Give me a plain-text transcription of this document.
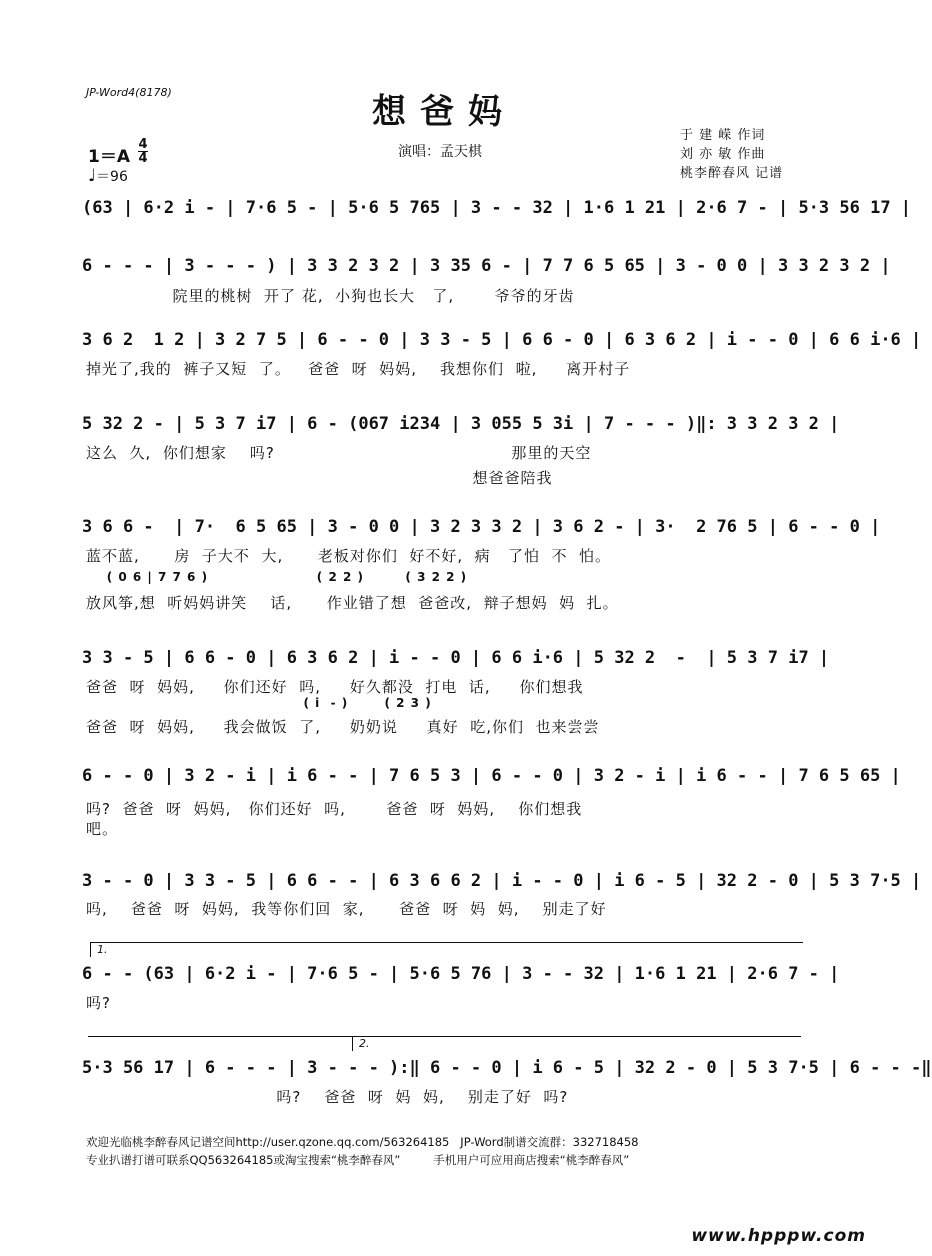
JP-Word4(8178)	想爸妈
1＝A
4
4
♩＝96
演唱：孟天棋
于 建 嵘 作词
刘 亦 敏 作曲
桃李醉春风 记谱
(63 | 6·2 i - | 7·6 5 - | 5·6 5 765 | 3 - - 32 | 1·6 1 21 | 2·6 7 - | 5·3 56 17 |
6 - - - | 3 - - - ) | 3 3 2 3 2 | 3 35 6 - | 7 7 6 5 65 | 3 - 0 0 | 3 3 2 3 2 |
院里的桃树  开了 花,  小狗也长大   了,       爷爷的牙齿
3 6 2  1 2 | 3 2 7 5 | 6 - - 0 | 3 3 - 5 | 6 6 - 0 | 6 3 6 2 | i - - 0 | 6 6 i·6 |
掉光了,我的  裤子又短  了。   爸爸  呀  妈妈,    我想你们  啦,     离开村子
5 32 2 - | 5 3 7 i7 | 6 - (067 i234 | 3 055 5 3i | 7 - - - )‖: 3 3 2 3 2 |
这么  久,  你们想家    吗?                                         那里的天空
想爸爸陪我
3 6 6 -  | 7·  6 5 65 | 3 - 0 0 | 3 2 3 3 2 | 3 6 2 - | 3·  2 76 5 | 6 - - 0 |
蓝不蓝,      房  子大不  大,      老板对你们  好不好,  病   了怕  不  怕。
( 0 6 | 7 7 6 )                     ( 2 2 )        ( 3 2 2 )
放风筝,想  听妈妈讲笑    话,      作业错了想  爸爸改,  辩子想妈  妈  扎。
3 3 - 5 | 6 6 - 0 | 6 3 6 2 | i - - 0 | 6 6 i·6 | 5 32 2  -  | 5 3 7 i7 |
爸爸  呀  妈妈,     你们还好  吗,     好久都没  打电  话,     你们想我
( i  - )       ( 2 3 )
爸爸  呀  妈妈,     我会做饭  了,     奶奶说     真好  吃,你们  也来尝尝
6 - - 0 | 3 2 - i | i 6 - - | 7 6 5 3 | 6 - - 0 | 3 2 - i | i 6 - - | 7 6 5 65 |
吗?  爸爸  呀  妈妈,   你们还好  吗,       爸爸  呀  妈妈,    你们想我
吧。
3 - - 0 | 3 3 - 5 | 6 6 - - | 6 3 6 6 2 | i - - 0 | i 6 - 5 | 32 2 - 0 | 5 3 7·5 |
吗,    爸爸  呀  妈妈,  我等你们回  家,      爸爸  呀  妈  妈,    别走了好
1.
6 - - (63 | 6·2 i - | 7·6 5 - | 5·6 5 76 | 3 - - 32 | 1·6 1 21 | 2·6 7 - |
吗?
2.
5·3 56 17 | 6 - - - | 3 - - - ):‖ 6 - - 0 | i 6 - 5 | 32 2 - 0 | 5 3 7·5 | 6 - - -‖
吗?    爸爸  呀  妈  妈,    别走了好  吗?
欢迎光临桃李醉春风记谱空间http://user.qzone.qq.com/563264185   JP-Word制谱交流群：332718458
专业扒谱打谱可联系QQ563264185或淘宝搜索“桃李醉春风”         手机用户可应用商店搜索“桃李醉春风”
www.hpppw.com
